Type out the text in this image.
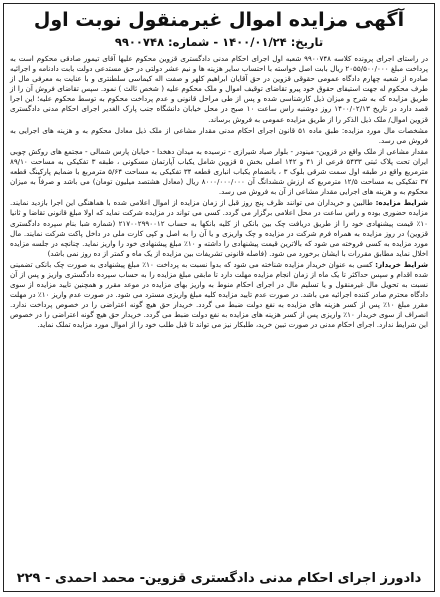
آگهی مزایده اموال غیرمنقول نوبت اول
تاریخ: ۱۴۰۰/۰۱/۲۴ - شماره: ۹۹۰۰۷۴۸

در راستای اجرای پرونده کلاسه ۹۹۰۰۷۴۸ شعبه اول اجرای احکام مدنی دادگستری قزوین محکوم علیها آقای تیمور صادقی محکوم است به پرداخت مبلغ ۲۰۵۵/۵۰۰/۰۰۰ ریال بابت اصل خواسته با احتساب سایر هزینه ها و نیم عشر دولتی در حق مستدعی دولت بابت دادنامه و اجرائیه صادره از شعبه چهارم دادگاه عمومی حقوقی قزوین در حق آقایان ابراهیم کلهر و صفت اله کیماسی سلطنتری و با عنایت به معرفی مال از طرف محکوم له جهت استیفای حقوق خود پیرو تقاضای توقیف اموال و ملک محکوم علیه ( شخص ثالث ) نمود. سپس تقاضای فروش آن را از طریق مزایده که به شرح و میزان ذیل کارشناسی شده و پس از طی مراحل قانونی و عدم پرداخت محکوم به توسط محکوم علیه؛ این اجرا قصد دارد در تاریخ ۱۴۰۰/۰۲/۱۳ روز دوشنبه راس ساعت ۱۰ صبح در محل خیابان دانشگاه جنب پارک الغدیر اجرای احکام مدنی دادگستری قزوین اموال/ ملک ذیل الذکر را از طریق مزایده عمومی به فروش برساند.

مشخصات مال مورد مزایده: طبق ماده ۵۱ قانون اجرای احکام مدنی مقدار مشاعی از ملک ذیل معادل محکوم به و هزینه های اجرایی به فروش می رسد.

مقدار مشاعی از ملک واقع در قزوین- مینودر - بلوار صیاد شیرازی - نرسیده به میدان دهخدا - خیابان پارس شمالی - مجتمع های روکش چوبی ایران تحت پلاک ثبتی ۵۴۳۳ فرعی از ۴۱ و ۱۴۲ اصلی بخش ۵ قزوین شامل یکباب آپارتمان مسکونی ، طبقه ۳ تفکیکی به مساحت ۸۹/۱۰ مترمربع واقع در طبقه اول سمت شرقی بلوک ۳ ، بانضمام یکباب انباری قطعه ۳۴ تفکیکی به مساحت ۵/۶۴ مترمربع با ضمایم پارکینگ قطعه ۳۷ تفکیکی به مساحت ۱۲/۵ مترمربع که ارزش ششدانگ آن ۸۰۰۰/۰۰۰/۰۰۰ ریال (معادل هشتصد میلیون تومان) می باشد و صرفاً به میزان محکوم به و هزینه های اجرایی مقدار مشاعی از آن به فروش می رسد.

شرایط مزایده: طالبین و خریداران می توانند ظرف پنج روز قبل از زمان مزایده از اموال اعلامی شده با هماهنگی این اجرا بازدید نمایند. مزایده حضوری بوده و راس ساعت در محل اعلامی برگزار می گردد. کسی می تواند در مزایده شرکت نماید که اولا مبلغ قانونی تقاضا و ثانیا ۱۰٪ قیمت پیشنهادی خود را از طریق دریافت چک بین بانکی از کلیه بانکها به حساب ۲۱۷۰۰۲۹۹۰۰۱۲ (شماره شبا بنام سپرده دادگستری قزوین) در روز مزایده به همراه فرم شرکت در مزایده و چک واریزی و یا آن را به اصل و کپی کارت ملی در داخل پاکت شرکت نمایند. مال مورد مزایده به کسی فروخته می شود که بالاترین قیمت پیشنهادی را داشته و ۱۰٪ مبلغ پیشنهادی خود را واریز نماید. چنانچه در جلسه مزایده اخلال نماید مطابق مقررات با ایشان برخورد می شود. (فاصله قانونی تشریفات بین مزایده از یک ماه و کمتر از ده روز نمی باشد)

شرایط خریدار: کسی به عنوان خریدار مزایده شناخته می شود که بدوا نسبت به پرداخت ۱۰٪ مبلغ پیشنهادی به صورت چک بانکی تضمینی شده اقدام و سپس حداکثر تا یک ماه از زمان انجام مزایده مهلت دارد تا مابقی مبلغ مزایده را به حساب سپرده دادگستری واریز و پس از آن نسبت به تحویل مال غیرمنقول و یا تسلیم مال در اجرای احکام منوط به واریز بهای مزایده در موعد مقرر و همچنین تایید مزایده از سوی دادگاه محترم صادر کننده اجرائیه می باشد. در صورت عدم تایید مزایده کلیه مبلغ واریزی مسترد می شود. در صورت عدم واریز ۱۰٪ در مهلت مقرر مبلغ ۱۰٪ پس از کسر هزینه های مزایده به نفع دولت ضبط می گردد. خریدار حق هیچ گونه اعتراضی را در خصوص پرداخت ندارد. انصراف از سوی خریدار ۱۰٪ واریزی پس از کسر هزینه های مزایده به نفع دولت ضبط می گردد. خریدار حق هیچ گونه اعتراضی را در خصوص این شرایط ندارد. اجرای احکام مدنی در صورت تبین خرید، طلبکار نیز می تواند تا قبل طلب خود را از اموال مورد مزایده تملک نماید.

دادورز اجرای احکام مدنی دادگستری قزوین- محمد احمدی - ۲۲۹
